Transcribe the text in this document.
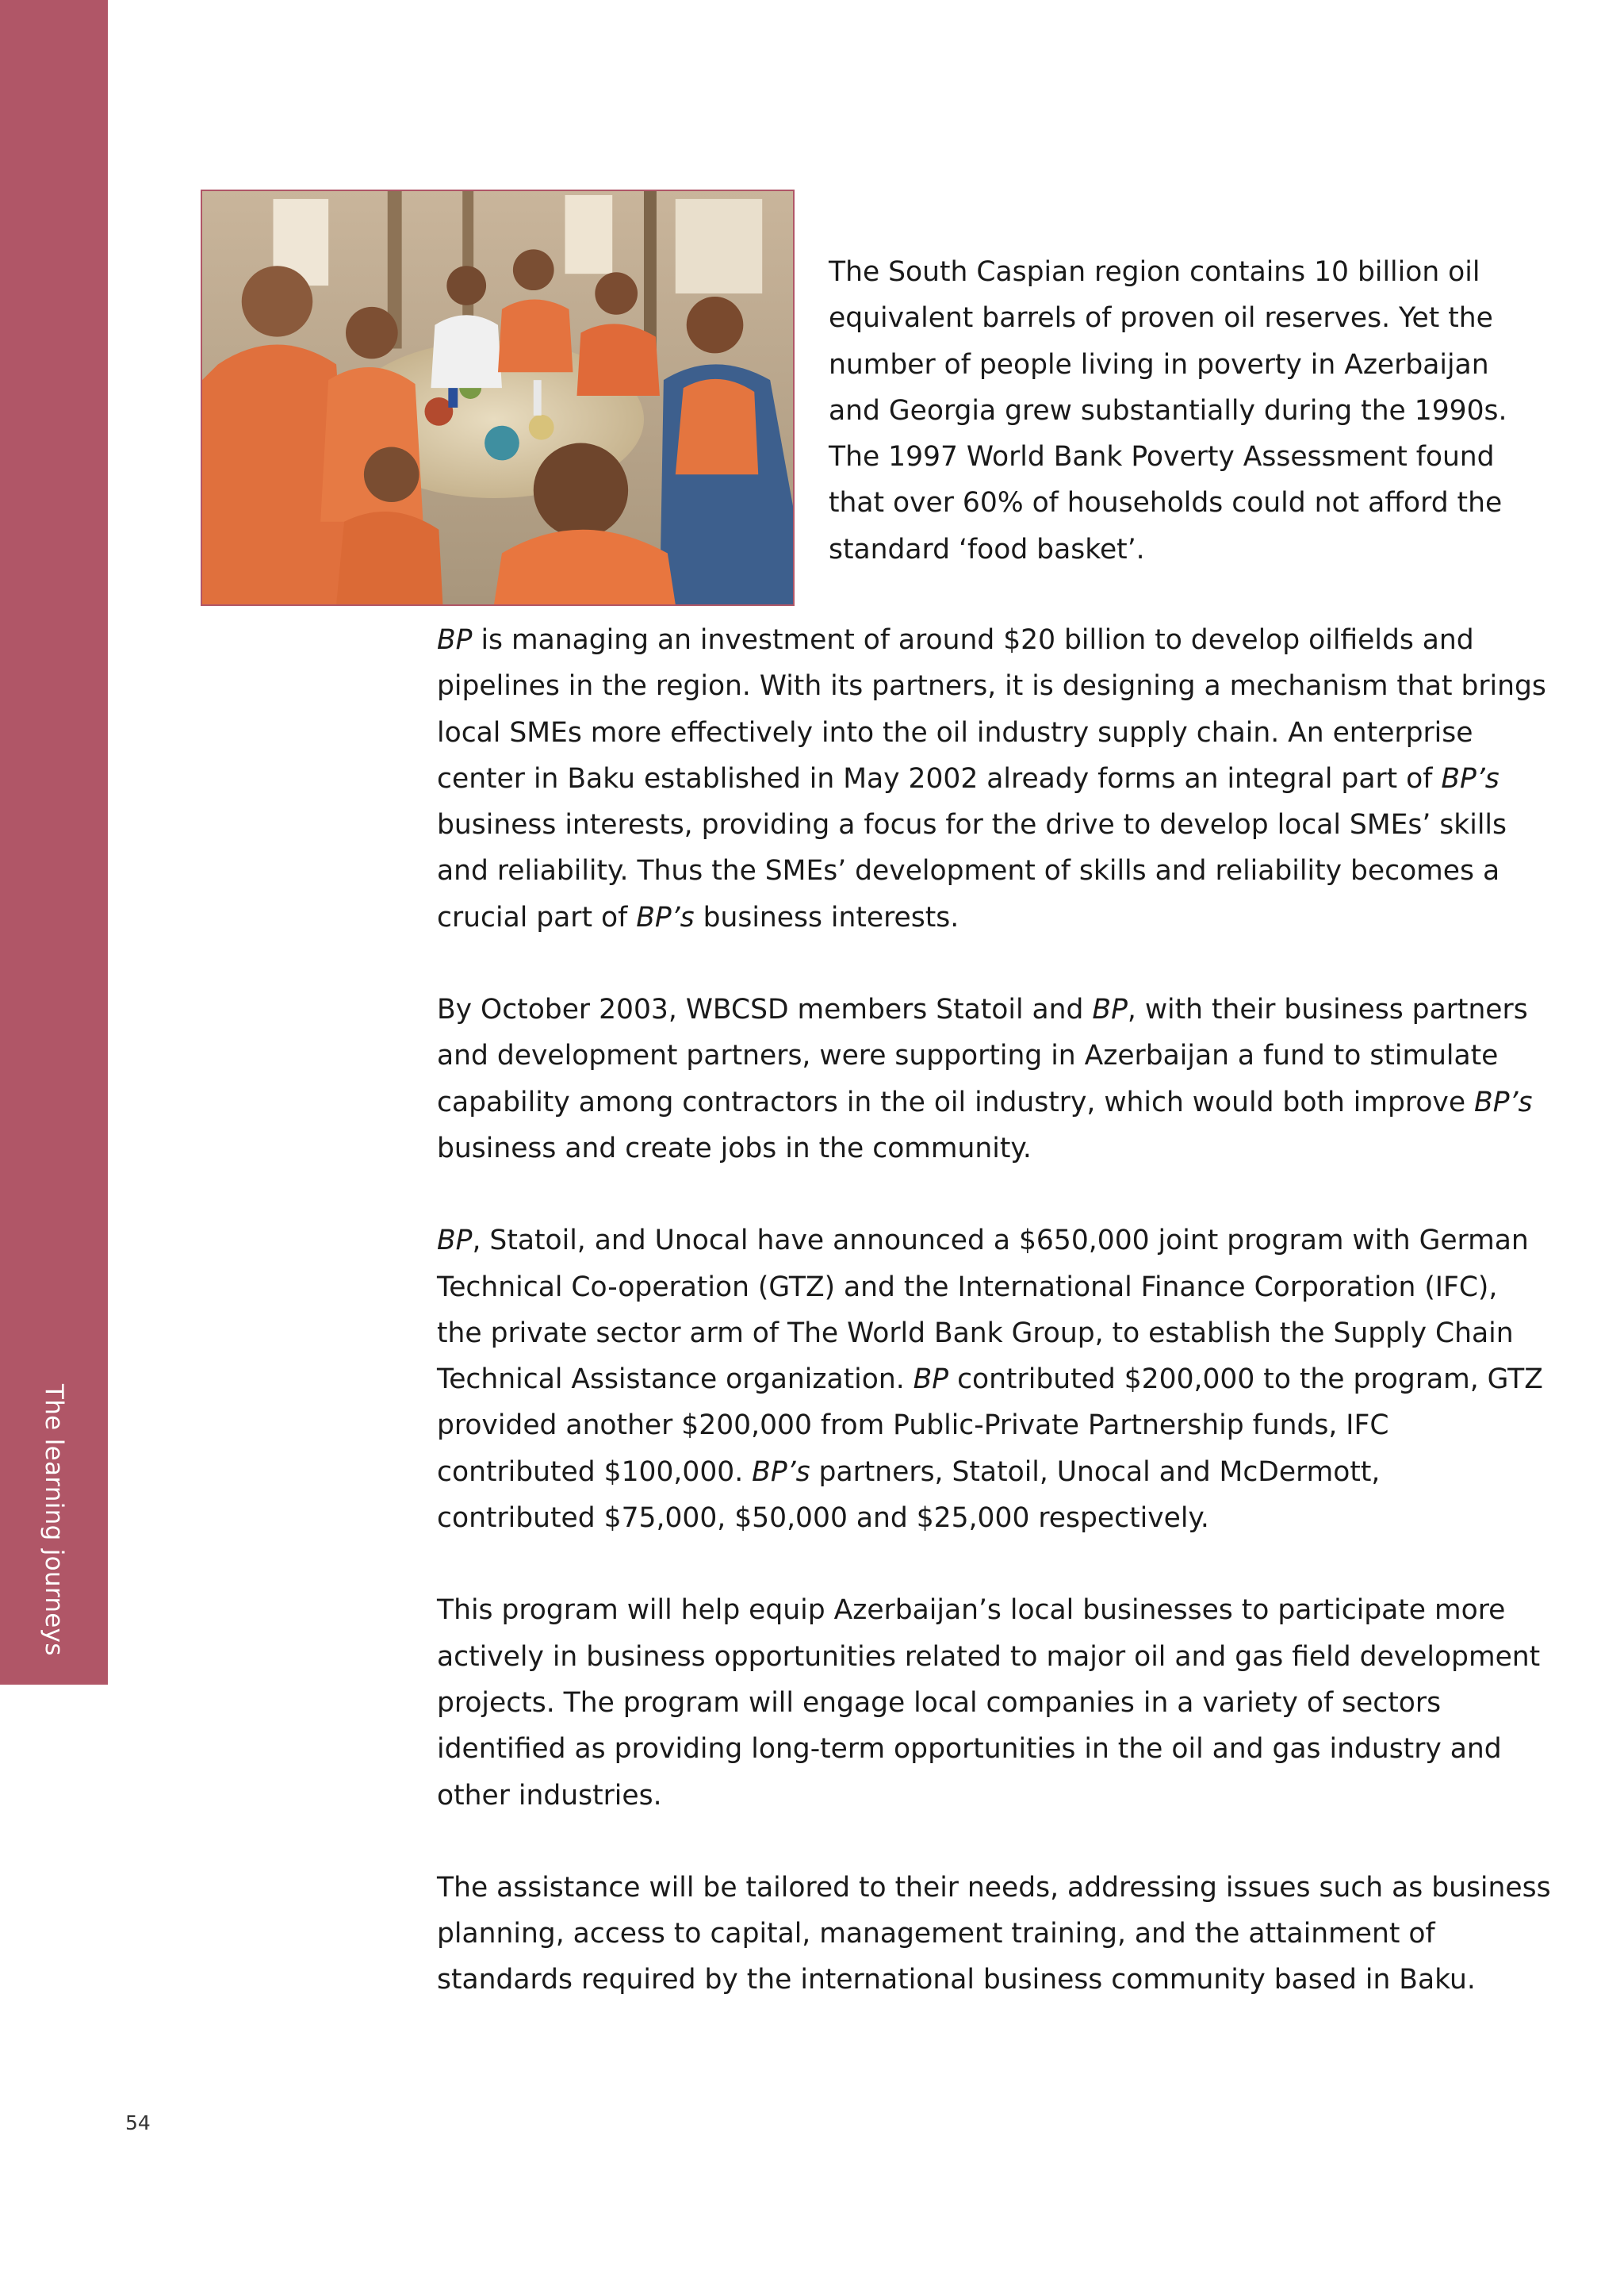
The learning journeys

The South Caspian region contains 10 billion oil
equivalent barrels of proven oil reserves. Yet the
number of people living in poverty in Azerbaijan
and Georgia grew substantially during the 1990s.
The 1997 World Bank Poverty Assessment found
that over 60% of households could not afford the
standard ‘food basket’.

BP is managing an investment of around $20 billion to develop oilfields and
pipelines in the region. With its partners, it is designing a mechanism that brings
local SMEs more effectively into the oil industry supply chain. An enterprise
center in Baku established in May 2002 already forms an integral part of BP’s
business interests, providing a focus for the drive to develop local SMEs’ skills
and reliability. Thus the SMEs’ development of skills and reliability becomes a
crucial part of BP’s business interests.

By October 2003, WBCSD members Statoil and BP, with their business partners
and development partners, were supporting in Azerbaijan a fund to stimulate
capability among contractors in the oil industry, which would both improve BP’s
business and create jobs in the community.

BP, Statoil, and Unocal have announced a $650,000 joint program with German
Technical Co-operation (GTZ) and the International Finance Corporation (IFC),
the private sector arm of The World Bank Group, to establish the Supply Chain
Technical Assistance organization. BP contributed $200,000 to the program, GTZ
provided another $200,000 from Public-Private Partnership funds, IFC
contributed $100,000. BP’s partners, Statoil, Unocal and McDermott,
contributed $75,000, $50,000 and $25,000 respectively.

This program will help equip Azerbaijan’s local businesses to participate more
actively in business opportunities related to major oil and gas field development
projects. The program will engage local companies in a variety of sectors
identified as providing long-term opportunities in the oil and gas industry and
other industries.

The assistance will be tailored to their needs, addressing issues such as business
planning, access to capital, management training, and the attainment of
standards required by the international business community based in Baku.

54
